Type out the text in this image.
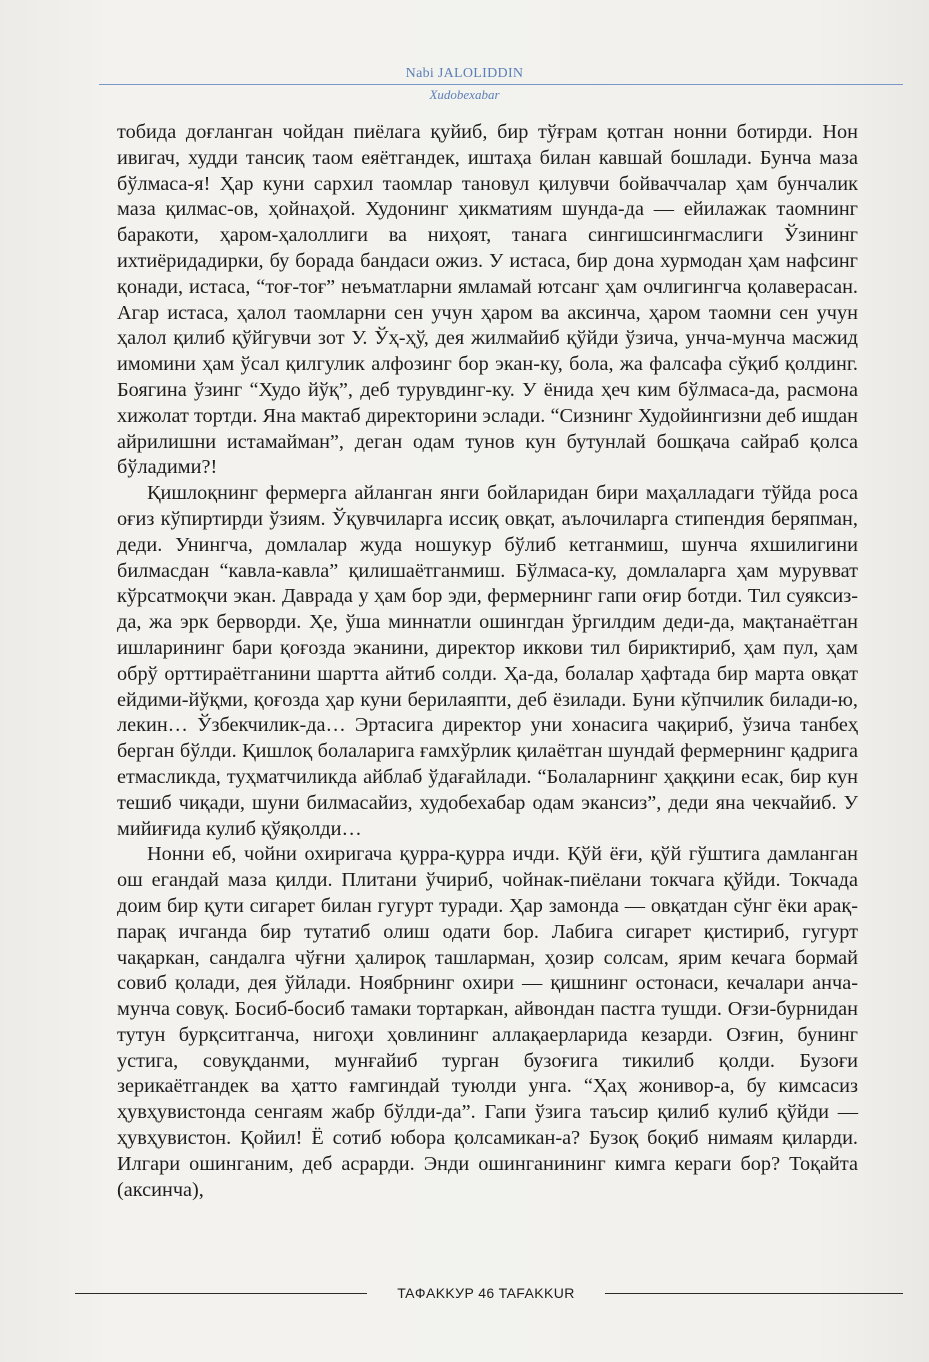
Nabi JALOLIDDIN
Xudobexabar

тобида доғланган чойдан пиёлага қуйиб, бир тўғрам қотган нонни ботирди. Нон ивигач, худди тансиқ таом еяётгандек, иштаҳа билан кавшай бошлади. Бунча маза бўлмаса-я! Ҳар куни сархил таомлар тановул қилувчи бойваччалар ҳам бунчалик маза қилмас-ов, ҳойнаҳой. Худонинг ҳикматиям шунда-да — ейилажак таомнинг баракоти, ҳаром-ҳалоллиги ва ниҳоят, танага сингишсингмаслиги Ўзининг ихтиёридадирки, бу борада бандаси ожиз. У истаса, бир дона хурмодан ҳам нафсинг қонади, истаса, “тоғ-тоғ” неъматларни ямламай ютсанг ҳам очлигингча қолаверасан. Агар истаса, ҳалол таомларни сен учун ҳаром ва аксинча, ҳаром таомни сен учун ҳалол қилиб қўйгувчи зот У. Ўҳ-ҳў, дея жилмайиб қўйди ўзича, унча-мунча масжид имомини ҳам ўсал қилгулик алфозинг бор экан-ку, бола, жа фалсафа сўқиб қолдинг. Боягина ўзинг “Худо йўқ”, деб турувдинг-ку. У ёнида ҳеч ким бўлмаса-да, расмона хижолат тортди. Яна мактаб директорини эслади. “Сизнинг Худойингизни деб ишдан айрилишни истамайман”, деган одам тунов кун бутунлай бошқача сайраб қолса бўладими?!

Қишлоқнинг фермерга айланган янги бойларидан бири маҳалладаги тўйда роса оғиз кўпиртирди ўзиям. Ўқувчиларга иссиқ овқат, аълочиларга стипендия беряпман, деди. Унингча, домлалар жуда ношукур бўлиб кетганмиш, шунча яхшилигини билмасдан “кавла-кавла” қилишаётганмиш. Бўлмаса-ку, домлаларга ҳам мурувват кўрсатмоқчи экан. Даврада у ҳам бор эди, фермернинг гапи оғир ботди. Тил суяксиз-да, жа эрк берворди. Ҳе, ўша миннатли ошингдан ўргилдим деди-да, мақтанаётган ишларининг бари қоғозда эканини, директор иккови тил бириктириб, ҳам пул, ҳам обрў орттираётганини шартта айтиб солди. Ҳа-да, болалар ҳафтада бир марта овқат ейдими-йўқми, қоғозда ҳар куни берилаяпти, деб ёзилади. Буни кўпчилик билади-ю, лекин… Ўзбекчилик-да… Эртасига директор уни хонасига чақириб, ўзича танбеҳ берган бўлди. Қишлоқ болаларига ғамхўрлик қилаётган шундай фермернинг қадрига етмасликда, туҳматчиликда айблаб ўдағайлади. “Болаларнинг ҳаққини есак, бир кун тешиб чиқади, шуни билмасайиз, худобехабар одам экансиз”, деди яна чекчайиб. У мийиғида кулиб қўяқолди…

Нонни еб, чойни охиригача қурра-қурра ичди. Қўй ёғи, қўй гўштига дамланган ош егандай маза қилди. Плитани ўчириб, чойнак-пиёлани токчага қўйди. Токчада доим бир қути сигарет билан гугурт туради. Ҳар замонда — овқатдан сўнг ёки арақ-парақ ичганда бир тутатиб олиш одати бор. Лабига сигарет қистириб, гугурт чақаркан, сандалга чўғни ҳалироқ ташларман, ҳозир солсам, ярим кечага бормай совиб қолади, дея ўйлади. Ноябрнинг охири — қишнинг остонаси, кечалари анча-мунча совуқ. Босиб-босиб тамаки тортаркан, айвондан пастга тушди. Оғзи-бурнидан тутун бурқситганча, нигоҳи ҳовлининг аллақаерларида кезарди. Озғин, бунинг устига, совуқданми, мунғайиб турган бузоғига тикилиб қолди. Бузоғи зерикаётгандек ва ҳатто ғамгиндай туюлди унга. “Ҳаҳ жонивор-а, бу кимсасиз ҳувҳувистонда сенгаям жабр бўлди-да”. Гапи ўзига таъсир қилиб кулиб қўйди — ҳувҳувистон. Қойил! Ё сотиб юбора қолсамикан-а? Бузоқ боқиб нимаям қиларди. Илгари ошинганим, деб асрарди. Энди ошинганининг кимга кераги бор? Тоқайта (аксинча),

TAФAKKУP 46 TAFAKKUR
